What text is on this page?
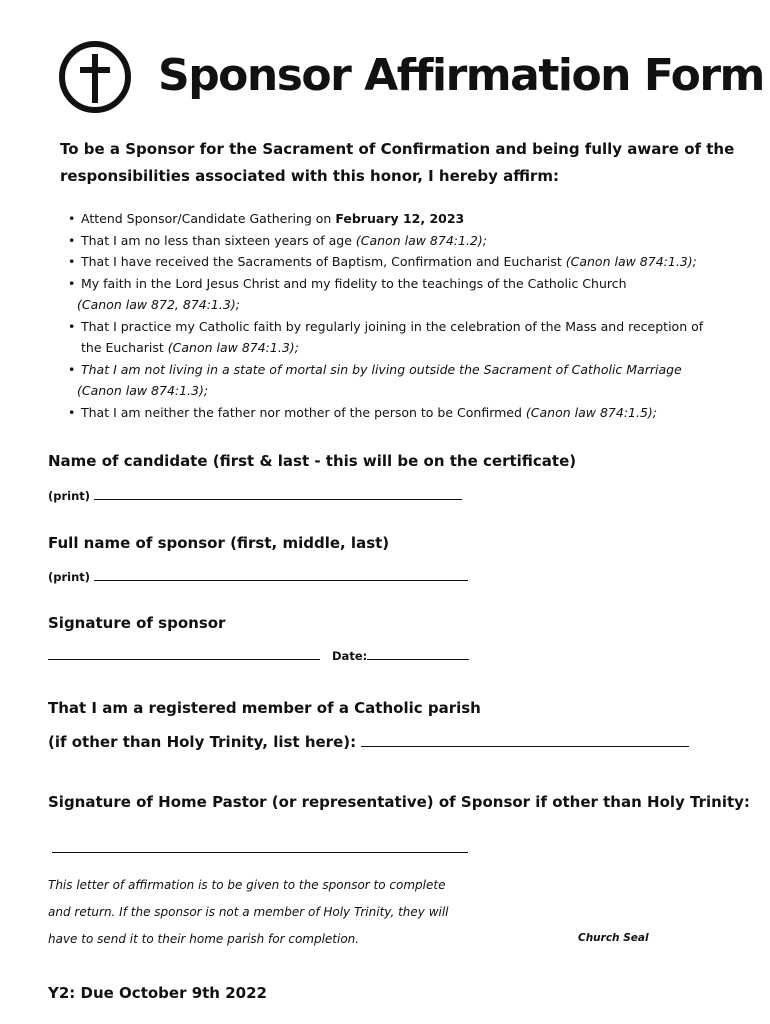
Sponsor Affirmation Form
To be a Sponsor for the Sacrament of Confirmation and being fully aware of the
responsibilities associated with this honor, I hereby affirm:
• Attend Sponsor/Candidate Gathering on February 12, 2023
• That I am no less than sixteen years of age (Canon law 874:1.2);
• That I have received the Sacraments of Baptism, Confirmation and Eucharist (Canon law 874:1.3);
• My faith in the Lord Jesus Christ and my fidelity to the teachings of the Catholic Church
(Canon law 872, 874:1.3);
• That I practice my Catholic faith by regularly joining in the celebration of the Mass and reception of
the Eucharist (Canon law 874:1.3);
• That I am not living in a state of mortal sin by living outside the Sacrament of Catholic Marriage
(Canon law 874:1.3);
• That I am neither the father nor mother of the person to be Confirmed (Canon law 874:1.5);
Name of candidate (first & last - this will be on the certificate)
(print)
Full name of sponsor (first, middle, last)
(print)
Signature of sponsor
Date:
That I am a registered member of a Catholic parish
(if other than Holy Trinity, list here):
Signature of Home Pastor (or representative) of Sponsor if other than Holy Trinity:
This letter of affirmation is to be given to the sponsor to complete
and return. If the sponsor is not a member of Holy Trinity, they will
have to send it to their home parish for completion.	Church Seal
Y2: Due October 9th 2022
